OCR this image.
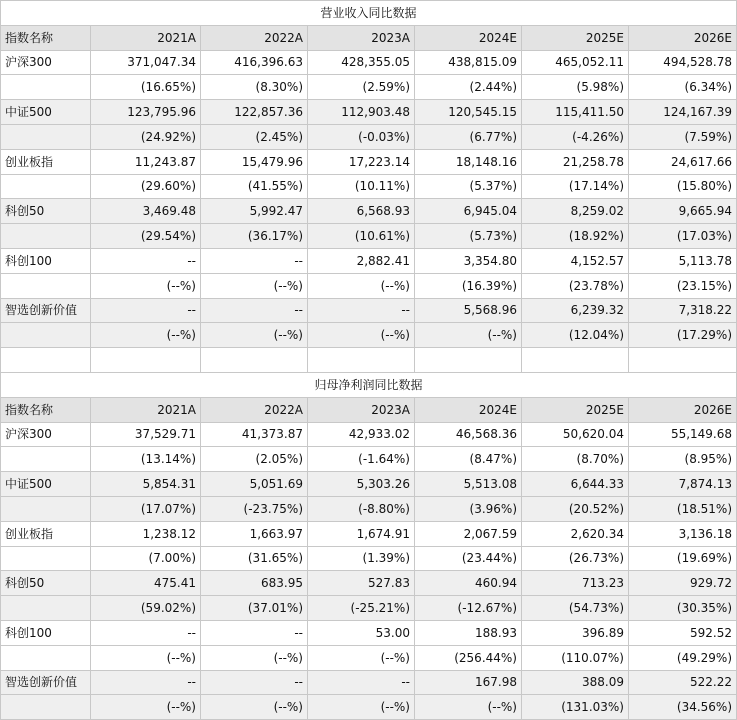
营业收入同比数据						
指数名称	2021A	2022A	2023A	2024E	2025E	2026E
沪深300	371,047.34	416,396.63	428,355.05	438,815.09	465,052.11	494,528.78
	(16.65%)	(8.30%)	(2.59%)	(2.44%)	(5.98%)	(6.34%)
中证500	123,795.96	122,857.36	112,903.48	120,545.15	115,411.50	124,167.39
	(24.92%)	(2.45%)	(-0.03%)	(6.77%)	(-4.26%)	(7.59%)
创业板指	11,243.87	15,479.96	17,223.14	18,148.16	21,258.78	24,617.66
	(29.60%)	(41.55%)	(10.11%)	(5.37%)	(17.14%)	(15.80%)
科创50	3,469.48	5,992.47	6,568.93	6,945.04	8,259.02	9,665.94
	(29.54%)	(36.17%)	(10.61%)	(5.73%)	(18.92%)	(17.03%)
科创100	--	--	2,882.41	3,354.80	4,152.57	5,113.78
	(--%)	(--%)	(--%)	(16.39%)	(23.78%)	(23.15%)
智选创新价值	--	--	--	5,568.96	6,239.32	7,318.22
	(--%)	(--%)	(--%)	(--%)	(12.04%)	(17.29%)

归母净利润同比数据						
指数名称	2021A	2022A	2023A	2024E	2025E	2026E
沪深300	37,529.71	41,373.87	42,933.02	46,568.36	50,620.04	55,149.68
	(13.14%)	(2.05%)	(-1.64%)	(8.47%)	(8.70%)	(8.95%)
中证500	5,854.31	5,051.69	5,303.26	5,513.08	6,644.33	7,874.13
	(17.07%)	(-23.75%)	(-8.80%)	(3.96%)	(20.52%)	(18.51%)
创业板指	1,238.12	1,663.97	1,674.91	2,067.59	2,620.34	3,136.18
	(7.00%)	(31.65%)	(1.39%)	(23.44%)	(26.73%)	(19.69%)
科创50	475.41	683.95	527.83	460.94	713.23	929.72
	(59.02%)	(37.01%)	(-25.21%)	(-12.67%)	(54.73%)	(30.35%)
科创100	--	--	53.00	188.93	396.89	592.52
	(--%)	(--%)	(--%)	(256.44%)	(110.07%)	(49.29%)
智选创新价值	--	--	--	167.98	388.09	522.22
	(--%)	(--%)	(--%)	(--%)	(131.03%)	(34.56%)
